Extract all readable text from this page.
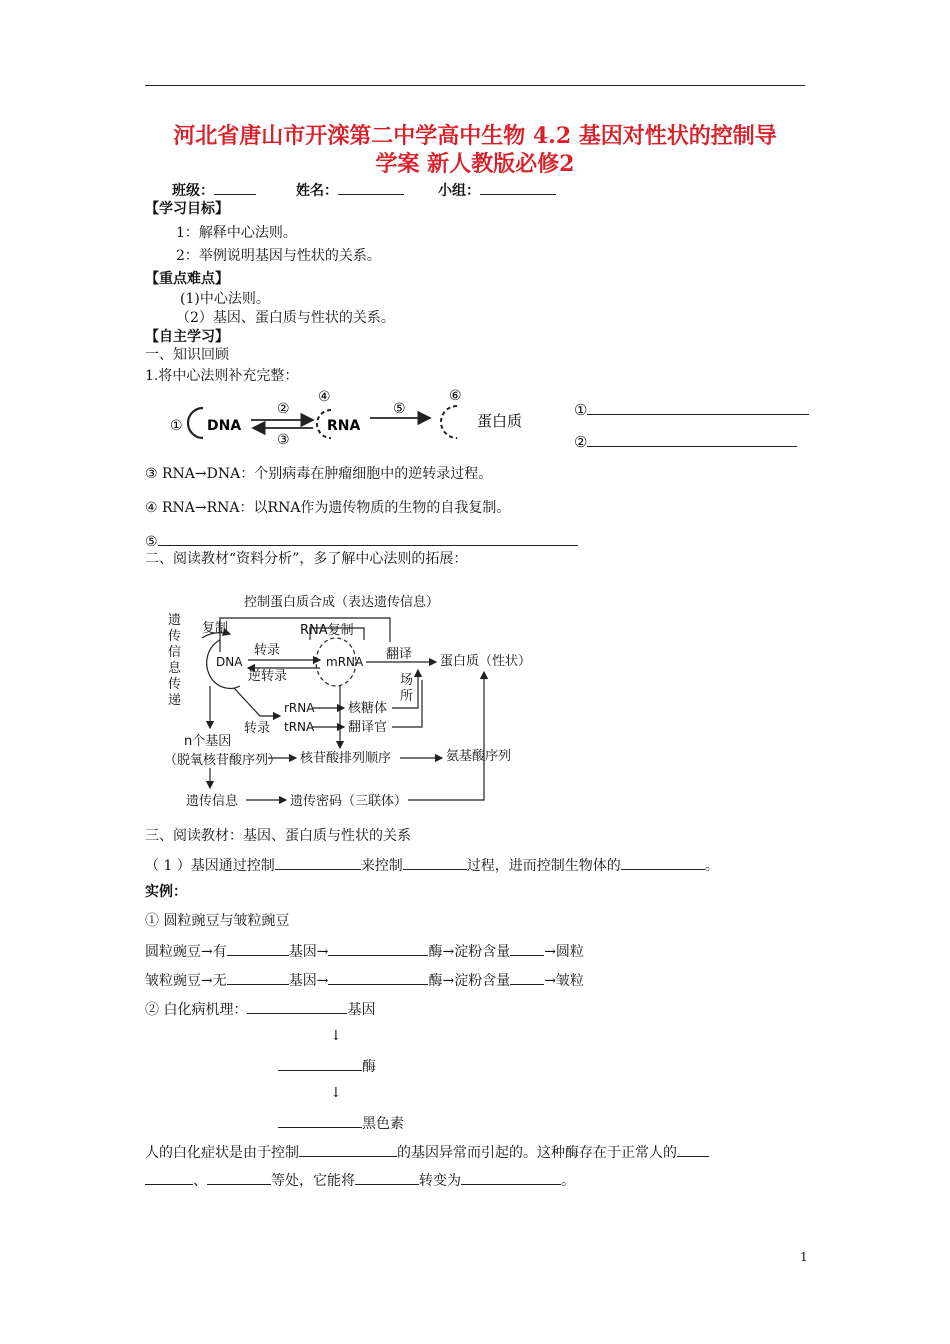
河北省唐山市开滦第二中学高中生物 4.2 基因对性状的控制导
学案 新人教版必修2
班级：	姓名：	小组：
【学习目标】
1：解释中心法则。
2：举例说明基因与性状的关系。
【重点难点】
(1)中心法则。
（2）基因、蛋白质与性状的关系。
【自主学习】
一、知识回顾
1.将中心法则补充完整：
① DNA
②
③
④
RNA
⑤
⑥
蛋白质
①
②
③ RNA→DNA：个别病毒在肿瘤细胞中的逆转录过程。
④ RNA→RNA：以RNA作为遗传物质的生物的自我复制。
⑤
二、阅读教材“资料分析”，多了解中心法则的拓展：
控制蛋白质合成（表达遗传信息）
遗
传
信
息
传
递
复制	RNA复制
DNA
转录
逆转录
mRNA 翻译 蛋白质（性状）
场
所
转录
rRNA
tRNA
核糖体
翻译官
n个基因
（脱氧核苷酸序列） 核苷酸排列顺序	氨基酸序列
遗传信息	遗传密码（三联体）
三、阅读教材：基因、蛋白质与性状的关系
（ 1 ）基因通过控制	来控制	过程，进而控制生物体的	。
实例：
① 圆粒豌豆与皱粒豌豆
圆粒豌豆→有	基因→	酶→淀粉含量 →圆粒
皱粒豌豆→无	基因→	酶→淀粉含量 →皱粒
② 白化病机理：	基因
↓
酶
↓
黑色素
人的白化症状是由于控制	的基因异常而引起的。这种酶存在于正常人的
、	等处，它能将	转变为	。
1
